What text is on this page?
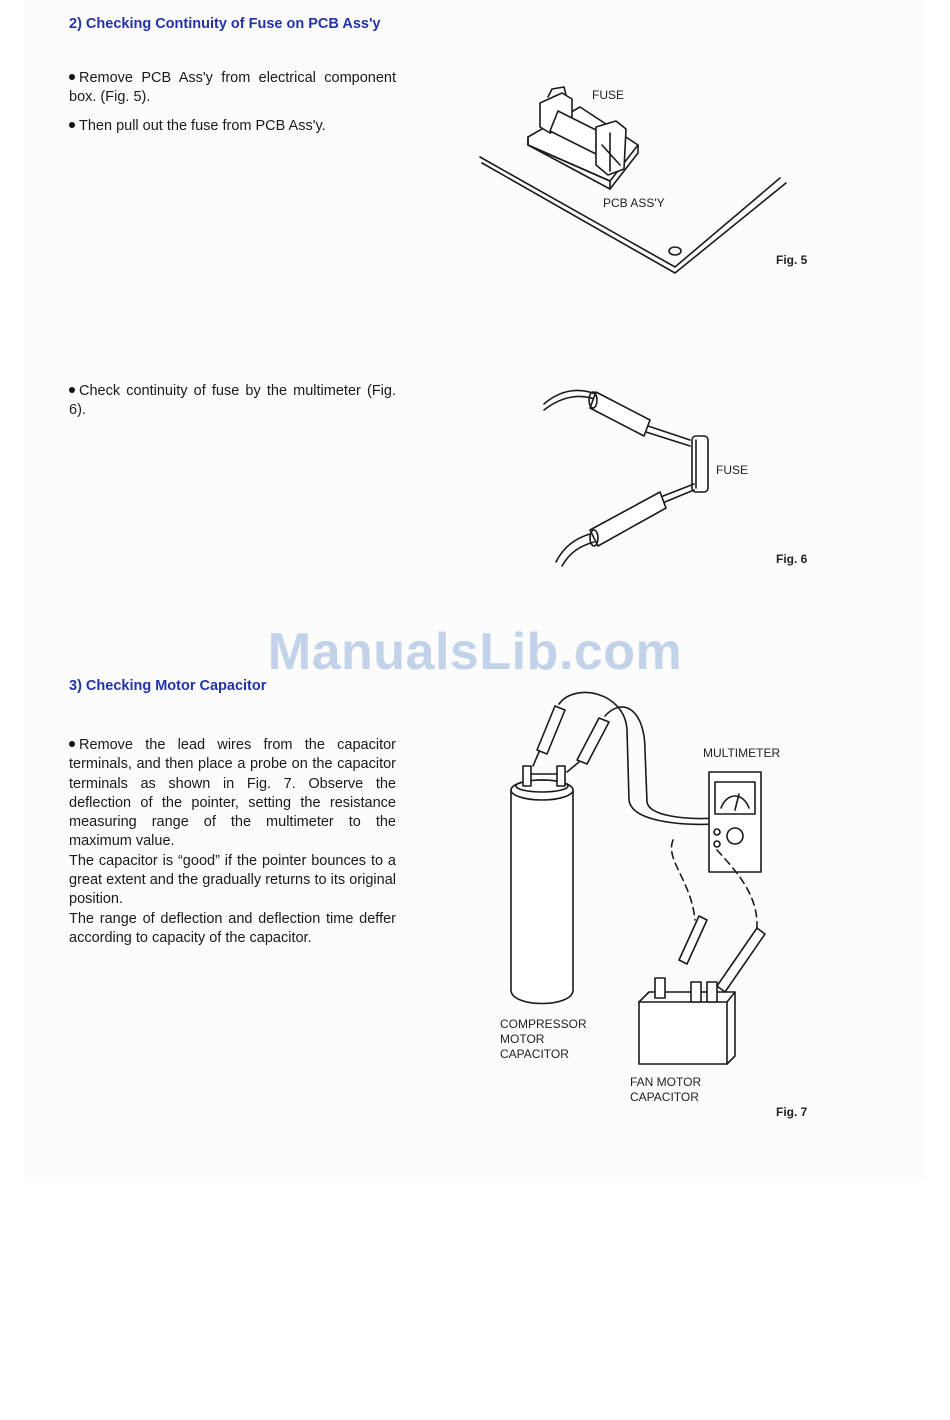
ManualsLib.com
2) Checking Continuity of Fuse on PCB Ass'y

Remove PCB Ass'y from electrical component box. (Fig. 5).

Then pull out the fuse from PCB Ass'y.

FUSE
PCB ASS'Y
Fig. 5

Check continuity of fuse by the multimeter (Fig. 6).

FUSE
Fig. 6
3) Checking Motor Capacitor

Remove the lead wires from the capacitor terminals, and then place a probe on the capacitor terminals as shown in Fig. 7. Observe the deflection of the pointer, setting the resistance measuring range of the multimeter to the maximum value.

The capacitor is “good” if the pointer bounces to a great extent and the gradually returns to its original position.

The range of deflection and deflection time deffer according to capacity of the capacitor.

MULTIMETER
COMPRESSOR
MOTOR
CAPACITOR
FAN MOTOR
CAPACITOR
Fig. 7
